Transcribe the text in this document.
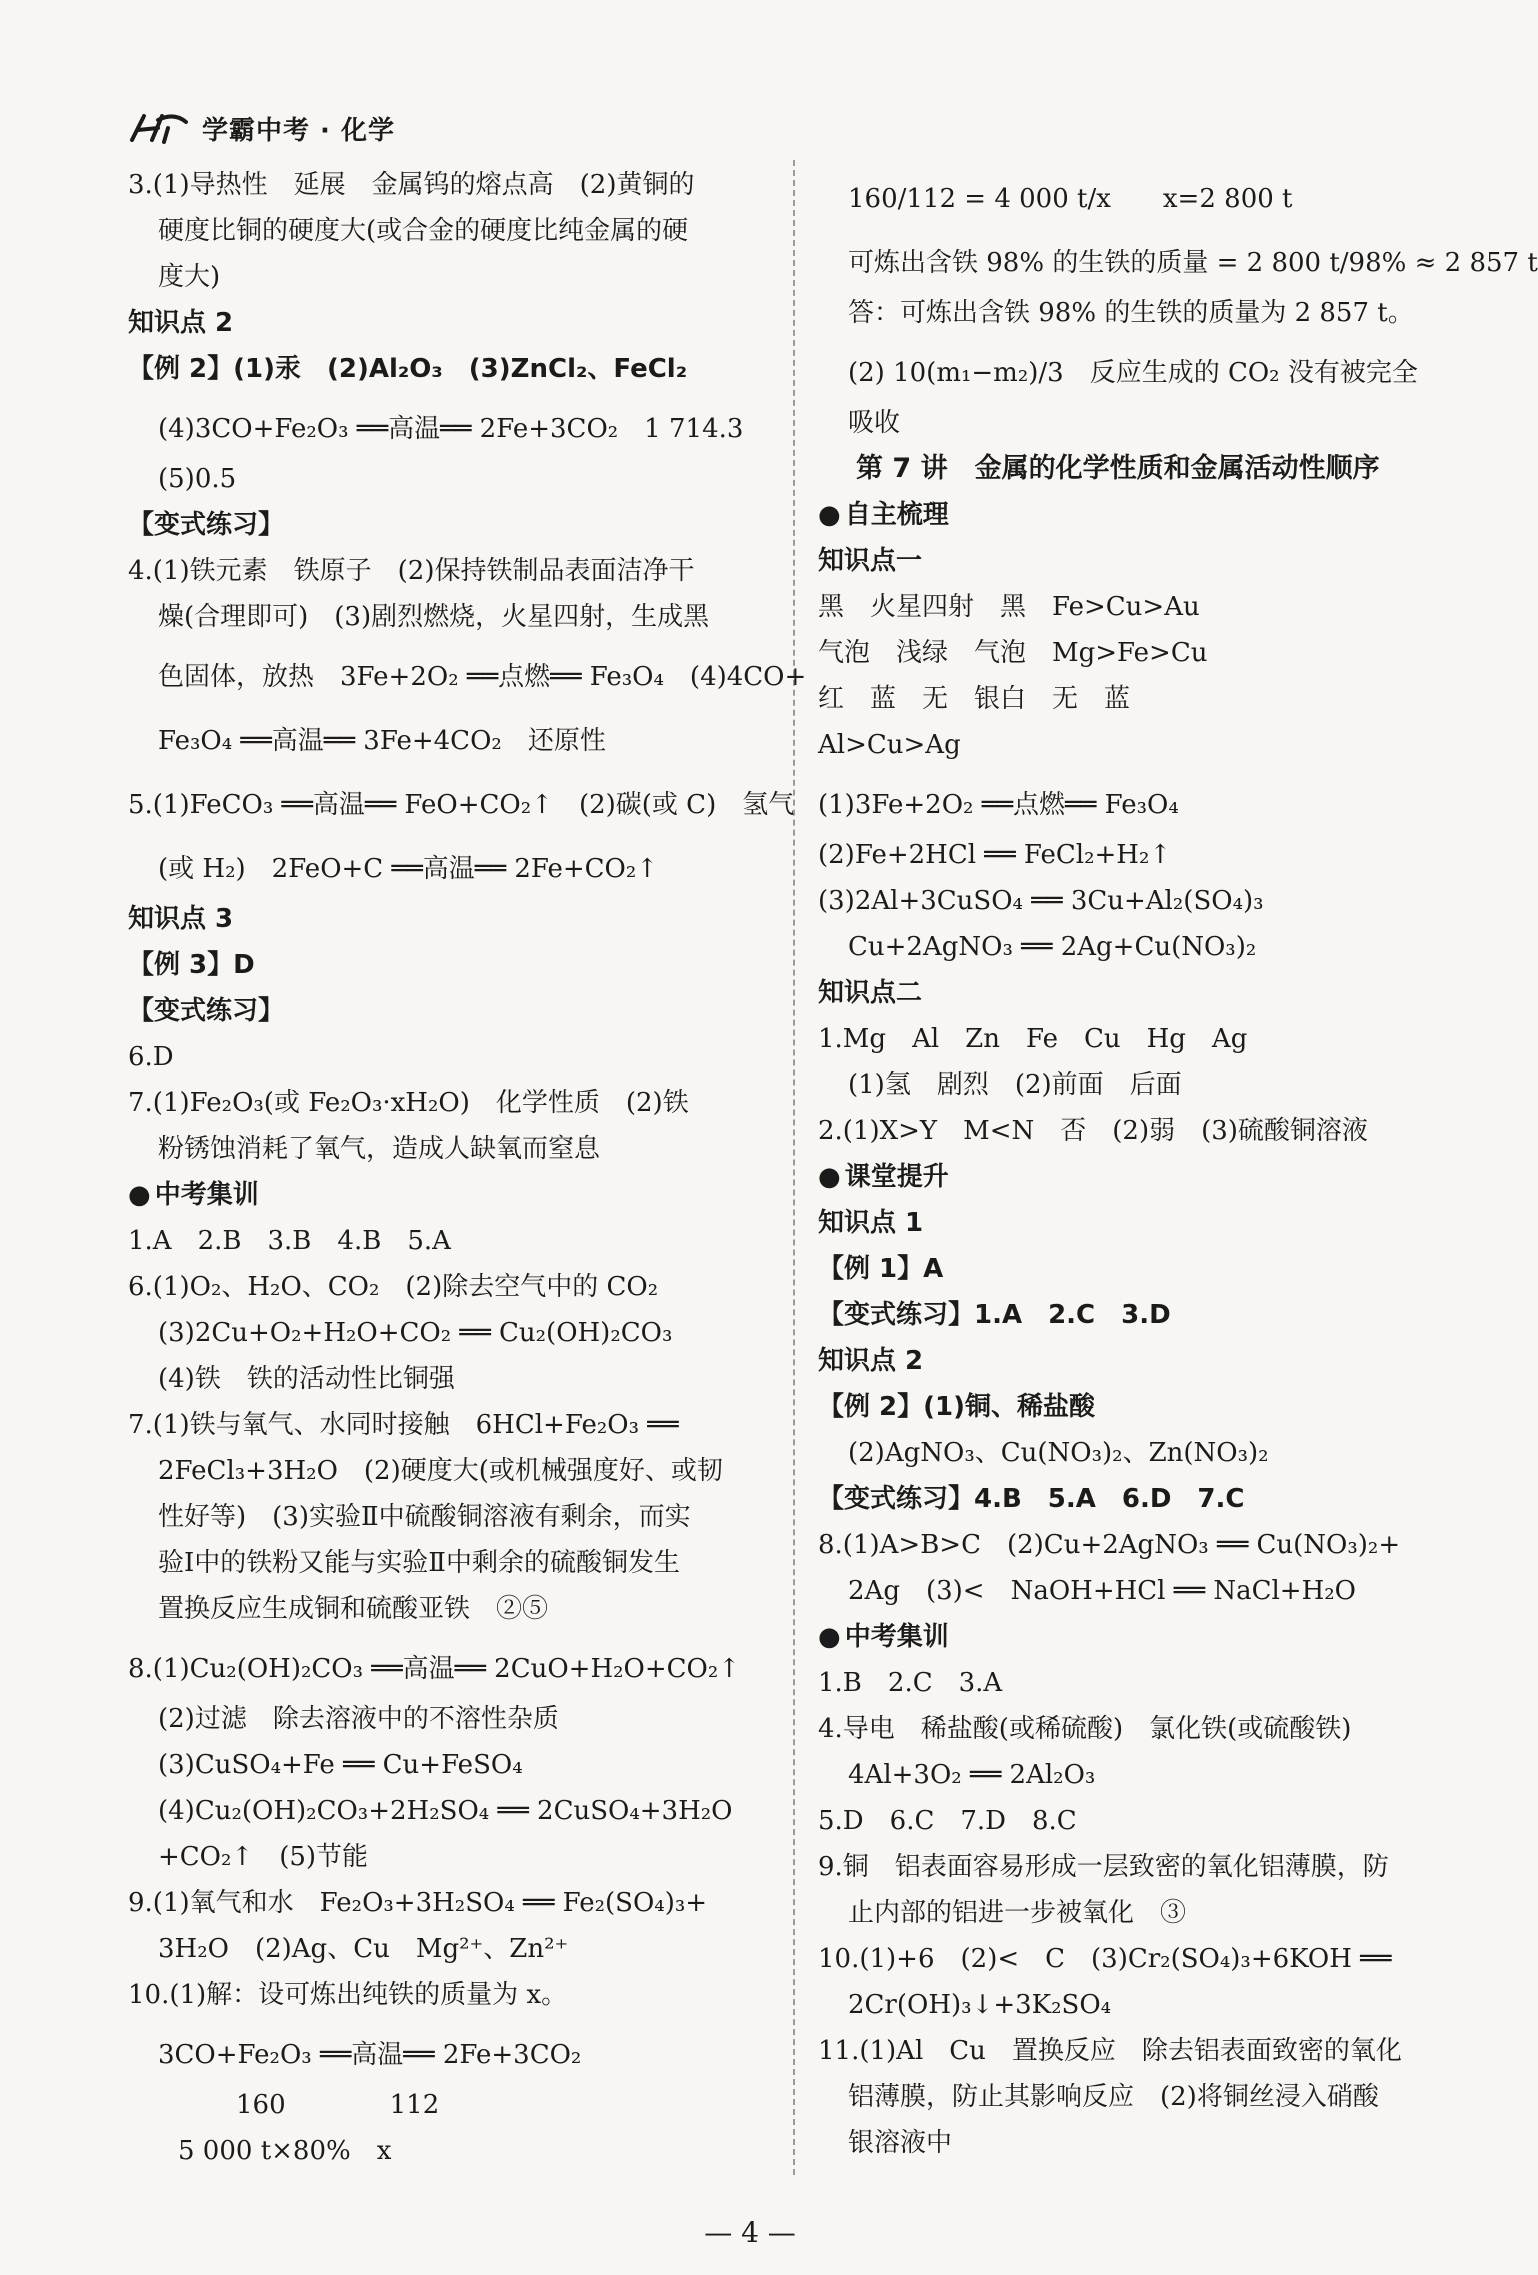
学霸中考 · 化学
3.(1)导热性　延展　金属钨的熔点高　(2)黄铜的
硬度比铜的硬度大(或合金的硬度比纯金属的硬
度大)
知识点 2
【例 2】(1)汞　(2)Al₂O₃　(3)ZnCl₂、FeCl₂
(4)3CO+Fe₂O₃ ══高温══ 2Fe+3CO₂　1 714.3
(5)0.5
【变式练习】
4.(1)铁元素　铁原子　(2)保持铁制品表面洁净干
燥(合理即可)　(3)剧烈燃烧，火星四射，生成黑
色固体，放热　3Fe+2O₂ ══点燃══ Fe₃O₄　(4)4CO+
Fe₃O₄ ══高温══ 3Fe+4CO₂　还原性
5.(1)FeCO₃ ══高温══ FeO+CO₂↑　(2)碳(或 C)　氢气
(或 H₂)　2FeO+C ══高温══ 2Fe+CO₂↑
知识点 3
【例 3】D
【变式练习】
6.D
7.(1)Fe₂O₃(或 Fe₂O₃·xH₂O)　化学性质　(2)铁
粉锈蚀消耗了氧气，造成人缺氧而窒息
● 中考集训
1.A　2.B　3.B　4.B　5.A
6.(1)O₂、H₂O、CO₂　(2)除去空气中的 CO₂
(3)2Cu+O₂+H₂O+CO₂ ══ Cu₂(OH)₂CO₃
(4)铁　铁的活动性比铜强
7.(1)铁与氧气、水同时接触　6HCl+Fe₂O₃ ══
2FeCl₃+3H₂O　(2)硬度大(或机械强度好、或韧
性好等)　(3)实验Ⅱ中硫酸铜溶液有剩余，而实
验Ⅰ中的铁粉又能与实验Ⅱ中剩余的硫酸铜发生
置换反应生成铜和硫酸亚铁　②⑤
8.(1)Cu₂(OH)₂CO₃ ══高温══ 2CuO+H₂O+CO₂↑
(2)过滤　除去溶液中的不溶性杂质
(3)CuSO₄+Fe ══ Cu+FeSO₄
(4)Cu₂(OH)₂CO₃+2H₂SO₄ ══ 2CuSO₄+3H₂O
+CO₂↑　(5)节能
9.(1)氧气和水　Fe₂O₃+3H₂SO₄ ══ Fe₂(SO₄)₃+
3H₂O　(2)Ag、Cu　Mg²⁺、Zn²⁺
10.(1)解：设可炼出纯铁的质量为 x。
3CO+Fe₂O₃ ══高温══ 2Fe+3CO₂
　　　160　　　　112
5 000 t×80%　x
160/112 = 4 000 t/x　　x=2 800 t
可炼出含铁 98% 的生铁的质量 = 2 800 t/98% ≈ 2 857 t
答：可炼出含铁 98% 的生铁的质量为 2 857 t。
(2) 10(m₁−m₂)/3　反应生成的 CO₂ 没有被完全
吸收
第 7 讲　金属的化学性质和金属活动性顺序
● 自主梳理
知识点一
黑　火星四射　黑　Fe>Cu>Au
气泡　浅绿　气泡　Mg>Fe>Cu
红　蓝　无　银白　无　蓝
Al>Cu>Ag
(1)3Fe+2O₂ ══点燃══ Fe₃O₄
(2)Fe+2HCl ══ FeCl₂+H₂↑
(3)2Al+3CuSO₄ ══ 3Cu+Al₂(SO₄)₃
Cu+2AgNO₃ ══ 2Ag+Cu(NO₃)₂
知识点二
1.Mg　Al　Zn　Fe　Cu　Hg　Ag
(1)氢　剧烈　(2)前面　后面
2.(1)X>Y　M<N　否　(2)弱　(3)硫酸铜溶液
● 课堂提升
知识点 1
【例 1】A
【变式练习】1.A　2.C　3.D
知识点 2
【例 2】(1)铜、稀盐酸
(2)AgNO₃、Cu(NO₃)₂、Zn(NO₃)₂
【变式练习】4.B　5.A　6.D　7.C
8.(1)A>B>C　(2)Cu+2AgNO₃ ══ Cu(NO₃)₂+
2Ag　(3)<　NaOH+HCl ══ NaCl+H₂O
● 中考集训
1.B　2.C　3.A
4.导电　稀盐酸(或稀硫酸)　氯化铁(或硫酸铁)
4Al+3O₂ ══ 2Al₂O₃
5.D　6.C　7.D　8.C
9.铜　铝表面容易形成一层致密的氧化铝薄膜，防
止内部的铝进一步被氧化　③
10.(1)+6　(2)<　C　(3)Cr₂(SO₄)₃+6KOH ══
2Cr(OH)₃↓+3K₂SO₄
11.(1)Al　Cu　置换反应　除去铝表面致密的氧化
铝薄膜，防止其影响反应　(2)将铜丝浸入硝酸
银溶液中
— 4 —
